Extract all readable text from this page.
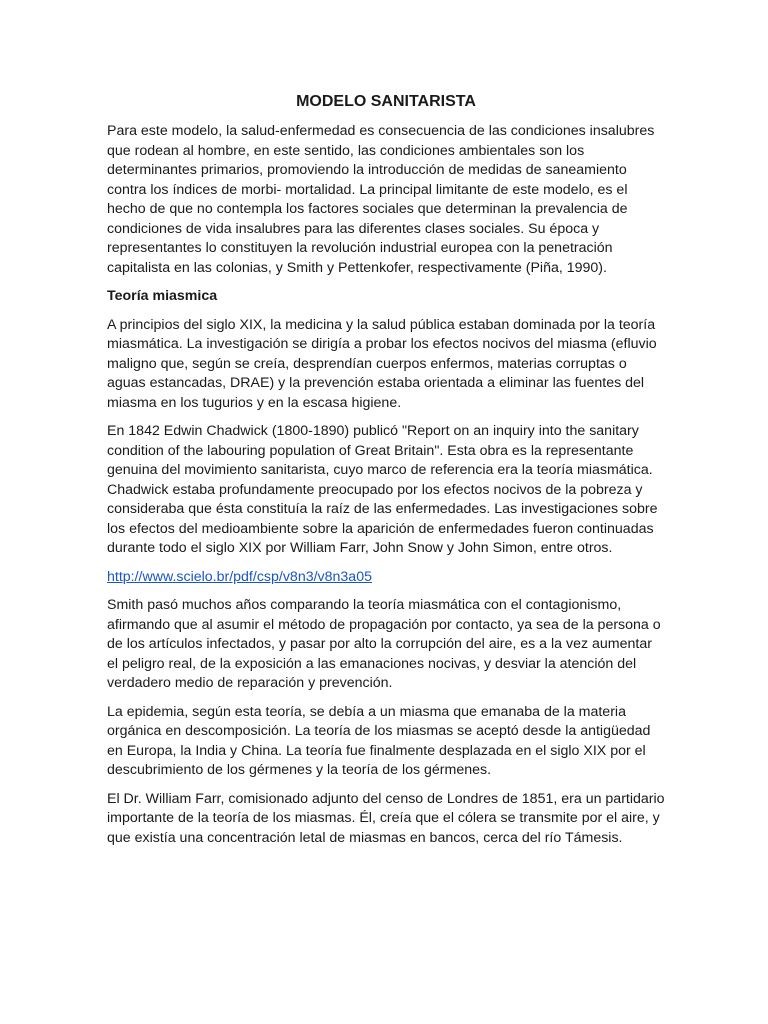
MODELO SANITARISTA

Para este modelo, la salud-enfermedad es consecuencia de las condiciones insalubres que rodean al hombre, en este sentido, las condiciones ambientales son los determinantes primarios, promoviendo la introducción de medidas de saneamiento contra los índices de morbi- mortalidad. La principal limitante de este modelo, es el hecho de que no contempla los factores sociales que determinan la prevalencia de condiciones de vida insalubres para las diferentes clases sociales. Su época y representantes lo constituyen la revolución industrial europea con la penetración capitalista en las colonias, y Smith y Pettenkofer, respectivamente (Piña, 1990).

Teoría miasmica

A principios del siglo XIX, la medicina y la salud pública estaban dominada por la teoría miasmática. La investigación se dirigía a probar los efectos nocivos del miasma (efluvio maligno que, según se creía, desprendían cuerpos enfermos, materias corruptas o aguas estancadas, DRAE) y la prevención estaba orientada a eliminar las fuentes del miasma en los tugurios y en la escasa higiene.

En 1842 Edwin Chadwick (1800-1890) publicó "Report on an inquiry into the sanitary condition of the labouring population of Great Britain". Esta obra es la representante genuina del movimiento sanitarista, cuyo marco de referencia era la teoría miasmática. Chadwick estaba profundamente preocupado por los efectos nocivos de la pobreza y consideraba que ésta constituía la raíz de las enfermedades. Las investigaciones sobre los efectos del medioambiente sobre la aparición de enfermedades fueron continuadas durante todo el siglo XIX por William Farr, John Snow y John Simon, entre otros.

http://www.scielo.br/pdf/csp/v8n3/v8n3a05

Smith pasó muchos años comparando la teoría miasmática con el contagionismo, afirmando que al asumir el método de propagación por contacto, ya sea de la persona o de los artículos infectados, y pasar por alto la corrupción del aire, es a la vez aumentar el peligro real, de la exposición a las emanaciones nocivas, y desviar la atención del verdadero medio de reparación y prevención.

La epidemia, según esta teoría, se debía a un miasma que emanaba de la materia orgánica en descomposición. La teoría de los miasmas se aceptó desde la antigüedad en Europa, la India y China. La teoría fue finalmente desplazada en el siglo XIX por el descubrimiento de los gérmenes y la teoría de los gérmenes.

El Dr. William Farr, comisionado adjunto del censo de Londres de 1851, era un partidario importante de la teoría de los miasmas. Él, creía que el cólera se transmite por el aire, y que existía una concentración letal de miasmas en bancos, cerca del río Támesis.
